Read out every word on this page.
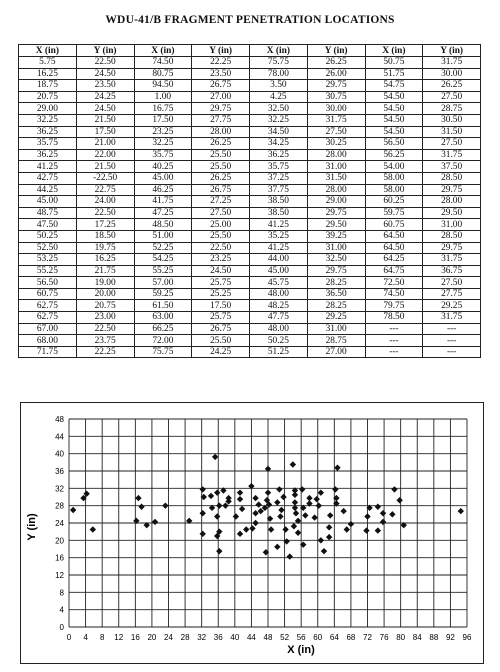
WDU-41/B FRAGMENT PENETRATION LOCATIONS
X (in)	Y (in)	X (in)	Y (in)	X (in)	Y (in)	X (in)	Y (in)
5.75	22.50	74.50	22.25	75.75	26.25	50.75	31.75
16.25	24.50	80.75	23.50	78.00	26.00	51.75	30.00
18.75	23.50	94.50	26.75	3.50	29.75	54.75	26.25
20.75	24.25	1.00	27.00	4.25	30.75	54.50	27.50
29.00	24.50	16.75	29.75	32.50	30.00	54.50	28.75
32.25	21.50	17.50	27.75	32.25	31.75	54.50	30.50
36.25	17.50	23.25	28.00	34.50	27.50	54.50	31.50
35.75	21.00	32.25	26.25	34.25	30.25	56.50	27.50
36.25	22.00	35.75	25.50	36.25	28.00	56.25	31.75
41.25	21.50	40.25	25.50	35.75	31.00	54.00	37.50
42.75	-22.50	45.00	26.25	37.25	31.50	58.00	28.50
44.25	22.75	46.25	26.75	37.75	28.00	58.00	29.75
45.00	24.00	41.75	27.25	38.50	29.00	60.25	28.00
48.75	22.50	47.25	27.50	38.50	29.75	59.75	29.50
47.50	17.25	48.50	25.00	41.25	29.50	60.75	31.00
50.25	18.50	51.00	25.50	35.25	39.25	64.50	28.50
52.50	19.75	52.25	22.50	41.25	31.00	64.50	29.75
53.25	16.25	54.25	23.25	44.00	32.50	64.25	31.75
55.25	21.75	55.25	24.50	45.00	29.75	64.75	36.75
56.50	19.00	57.00	25.75	45.75	28.25	72.50	27.50
60.75	20.00	59.25	25.25	48.00	36.50	74.50	27.75
62.75	20.75	61.50	17.50	48.25	28.25	79.75	29.25
62.75	23.00	63.00	25.75	47.75	29.25	78.50	31.75
67.00	22.50	66.25	26.75	48.00	31.00	---	---
68.00	23.75	72.00	25.50	50.25	28.75	---	---
71.75	22.25	75.75	24.25	51.25	27.00	---	---
0 4 8 12 16 20 24 28 32 36 40 44 48 52 56 60 64 68 72 76 80 84 88 92 96
0
4
8
12
16
20
24
28
32
36
40
44
48
X (in)
Y (in)
